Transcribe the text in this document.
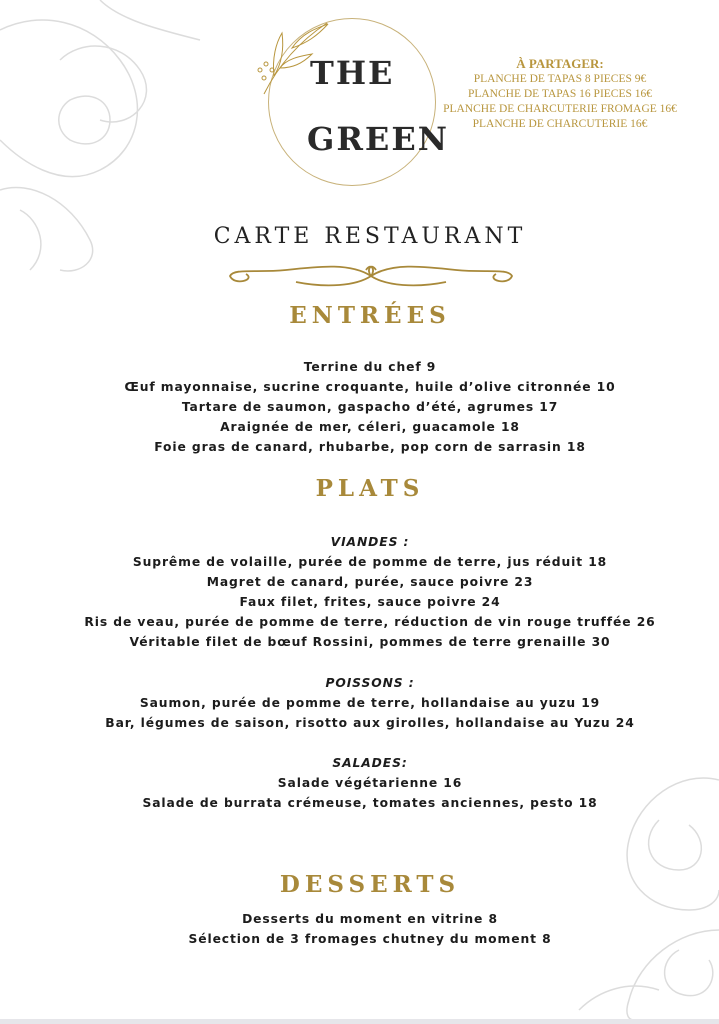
THE
GREEN
À PARTAGER:
PLANCHE DE TAPAS 8 PIECES 9€
PLANCHE DE TAPAS 16 PIECES 16€
PLANCHE DE CHARCUTERIE FROMAGE 16€
PLANCHE DE CHARCUTERIE 16€
CARTE RESTAURANT
ENTRÉES
Terrine du chef 9
Œuf mayonnaise, sucrine croquante, huile d’olive citronnée 10
Tartare de saumon, gaspacho d’été, agrumes 17
Araignée de mer, céleri, guacamole 18
Foie gras de canard, rhubarbe, pop corn de sarrasin 18
PLATS
VIANDES :
Suprême de volaille, purée de pomme de terre, jus réduit 18
Magret de canard, purée, sauce poivre 23
Faux filet, frites, sauce poivre 24
Ris de veau, purée de pomme de terre, réduction de vin rouge truffée 26
Véritable filet de bœuf Rossini, pommes de terre grenaille 30
POISSONS :
Saumon, purée de pomme de terre, hollandaise au yuzu 19
Bar, légumes de saison, risotto aux girolles, hollandaise au Yuzu 24
SALADES:
Salade végétarienne 16
Salade de burrata crémeuse, tomates anciennes, pesto 18
DESSERTS
Desserts du moment en vitrine 8
Sélection de 3 fromages chutney du moment 8
